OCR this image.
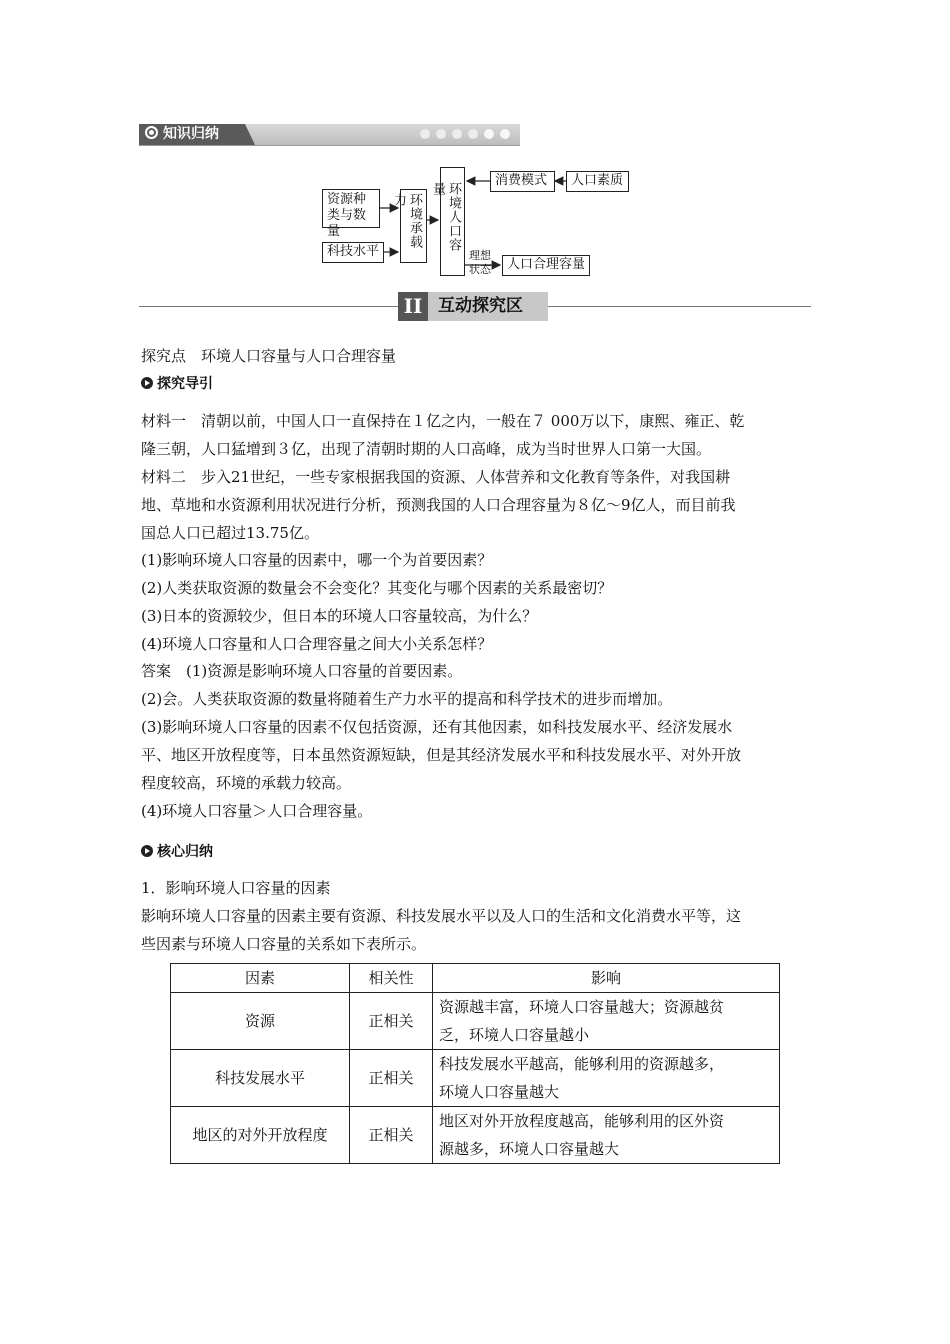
知识归纳
资源种类与数量
科技水平
环境承载力	环境人口容量
消费模式	人口素质
理想状态	人口合理容量
II 互动探究区
探究点　环境人口容量与人口合理容量
探究导引
材料一　清朝以前，中国人口一直保持在１亿之内，一般在７ 000万以下，康熙、雍正、乾
隆三朝，人口猛增到３亿，出现了清朝时期的人口高峰，成为当时世界人口第一大国。
材料二　步入21世纪，一些专家根据我国的资源、人体营养和文化教育等条件，对我国耕
地、草地和水资源利用状况进行分析，预测我国的人口合理容量为８亿～9亿人，而目前我
国总人口已超过13.75亿。
(1)影响环境人口容量的因素中，哪一个为首要因素？
(2)人类获取资源的数量会不会变化？其变化与哪个因素的关系最密切？
(3)日本的资源较少，但日本的环境人口容量较高，为什么？
(4)环境人口容量和人口合理容量之间大小关系怎样？
答案　(1)资源是影响环境人口容量的首要因素。
(2)会。人类获取资源的数量将随着生产力水平的提高和科学技术的进步而增加。
(3)影响环境人口容量的因素不仅包括资源，还有其他因素，如科技发展水平、经济发展水
平、地区开放程度等，日本虽然资源短缺，但是其经济发展水平和科技发展水平、对外开放
程度较高，环境的承载力较高。
(4)环境人口容量＞人口合理容量。
核心归纳
1．影响环境人口容量的因素
影响环境人口容量的因素主要有资源、科技发展水平以及人口的生活和文化消费水平等，这
些因素与环境人口容量的关系如下表所示。
因素	相关性	影响
资源	正相关	资源越丰富，环境人口容量越大；资源越贫
乏，环境人口容量越小

科技发展水平	正相关	科技发展水平越高，能够利用的资源越多，
环境人口容量越大

地区的对外开放程度	正相关	地区对外开放程度越高，能够利用的区外资
源越多，环境人口容量越大
